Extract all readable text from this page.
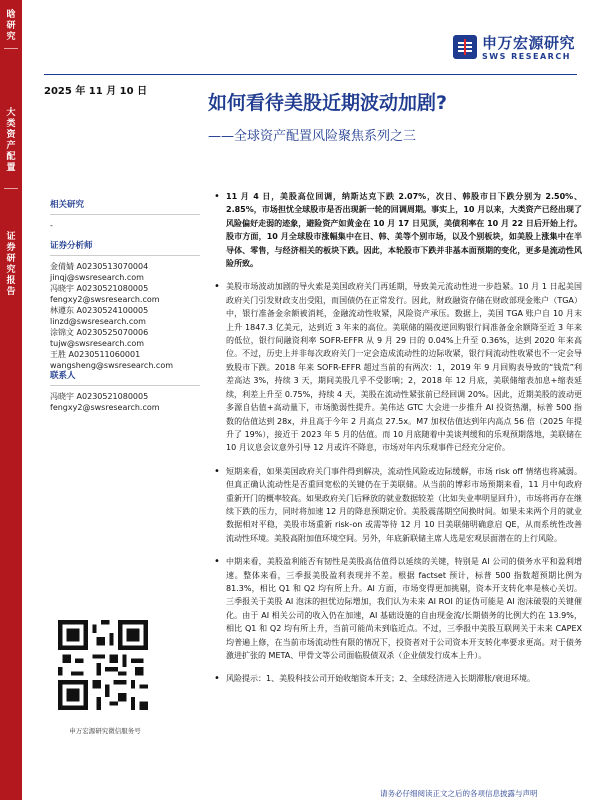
晗
研
究
大
类
资
产
配
置
证
券
研
究
报
告
申万宏源研究
SWS RESEARCH
2025 年 11 月 10 日
如何看待美股近期波动加剧?
——全球资产配置风险聚焦系列之三

相关研究

-

证券分析师

金倩婧 A0230513070004
jinqj@swsresearch.com
冯晓宇 A0230521080005
fengxy2@swsresearch.com
林遵东 A0230524100005
linzd@swsresearch.com
涂锦文 A0230525070006
tujw@swsresearch.com
王胜 A0230511060001
wangsheng@swsresearch.com

联系人

冯晓宇 A0230521080005
fengxy2@swsresearch.com
申万宏源研究微信服务号

• 11 月 4 日，美股高位回调，纳斯达克下跌 2.07%，次日、韩股市日下跌分别为 2.50%、2.85%，市场担忧全球股市是否出现新一轮的回调周期。事实上，10 月以来，大类资产已经出现了风险偏好走弱的迹象，避险资产如黄金在 10 月 17 日见顶，美债利率在 10 月 22 日后开始上行。股市方面，10 月全球股市涨幅集中在日、韩、美等个别市场，以及个别板块，如美股上涨集中在半导体、零售，与经济相关的板块下跌。因此，本轮股市下跌并非基本面预期的变化，更多是流动性风险所致。

• 美股市场波动加剧的导火索是美国政府关门再延期，导致美元流动性进一步趋紧。10 月 1 日起美国政府关门引发财政支出受阻，而国债仍在正常发行。因此，财政融资存储在财政部现金账户（TGA）中，银行准备金余额被消耗，金融流动性收紧，风险资产承压。数据上，美国 TGA 账户自 10 月末上升 1847.3 亿美元，达到近 3 年来的高位。美联储的隔夜逆回购银行间准备金余额降至近 3 年来的低位，银行间融资利率 SOFR-EFFR 从 9 月 29 日的 0.04%上升至 0.36%，达到 2020 年来高位。不过，历史上并非每次政府关门一定会造成流动性的边际收紧，银行间流动性收紧也不一定会导致股市下跌。2018 年来 SOFR-EFFR 超过当前的有两次：1，2019 年 9 月回购表导致的“钱荒”利差高达 3%，持续 3 天，期间美股几乎不受影响；2，2018 年 12 月底，美联储缩表加息+缩表延续，利差上升至 0.75%，持续 4 天，美股在流动性紧张前已经回调 20%。因此，近期美股的波动更多源自估值+高动量下，市场脆弱性提升。美伟达 GTC 大会进一步推升 AI 投资热潮，标普 500 指数的估值达到 28x，并且高于今年 2 月高点 27.5x。M7 加权估值达到年内高点 56 倍（2025 年提升了 19%），接近于 2023 年 5 月的估值。而 10 月底随着中美谈判缓和的乐观预期落地，美联储在 10 月议息会议意外引导 12 月或许不降息，市场对年内乐观事件已经充分定价。

• 短期来看，如果美国政府关门事件得到解决，流动性风险或边际缓解，市场 risk off 情绪也将减弱。但真正确认流动性是否重回宽松的关键仍在于美联储。从当前的博彩市场预期来看，11 月中旬政府重新开门的概率较高。如果政府关门后释放的就业数据较差（比如失业率明显回升），市场将再存在继续下跌的压力，同时将加速 12 月的降息预期定价。美股震荡期空间换时间。如果未来两个月的就业数据相对平稳，美股市场重新 risk-on 或需等待 12 月 10 日美联储明确意启 QE，从而系统性改善流动性环境。美股高附加值环境空间。另外，年底新联储主席人选是宏观层面潜在的上行风险。

• 中期来看，美股盈利能否有韧性是美股高估值得以延续的关键，特别是 AI 公司的债务水平和盈利增速。整体来看，三季报美股盈利表现并不差。根据 factset 预计，标普 500 指数超预期比例为 81.3%，相比 Q1 和 Q2 均有所上升。AI 方面，市场变得更加挑剔，资本开支转化率是核心关切。三季报关于美股 AI 泡沫的担忧边际增加，我们认为未来 AI ROI 的证伪可能是 AI 泡沫破裂的关键催化。由于 AI 相关公司的收入仍在加速，AI 基础设施的自由现金流/长期债务的比例大约在 13.9%，相比 Q1 和 Q2 均有所上升，当前可能尚未到临近点。不过，三季报中美股互联网关于未来 CAPEX 均普遍上修，在当前市场流动性有限的情况下，投资者对于公司资本开支转化率要求更高。对于债务激进扩张的 META、甲骨文等公司面临股债双杀（企业债发行成本上升）。

• 风险提示：1、美股科技公司开始收缩资本开支；2、全球经济进入长期滞胀/衰退环境。

请务必仔细阅读正文之后的各项信息披露与声明
